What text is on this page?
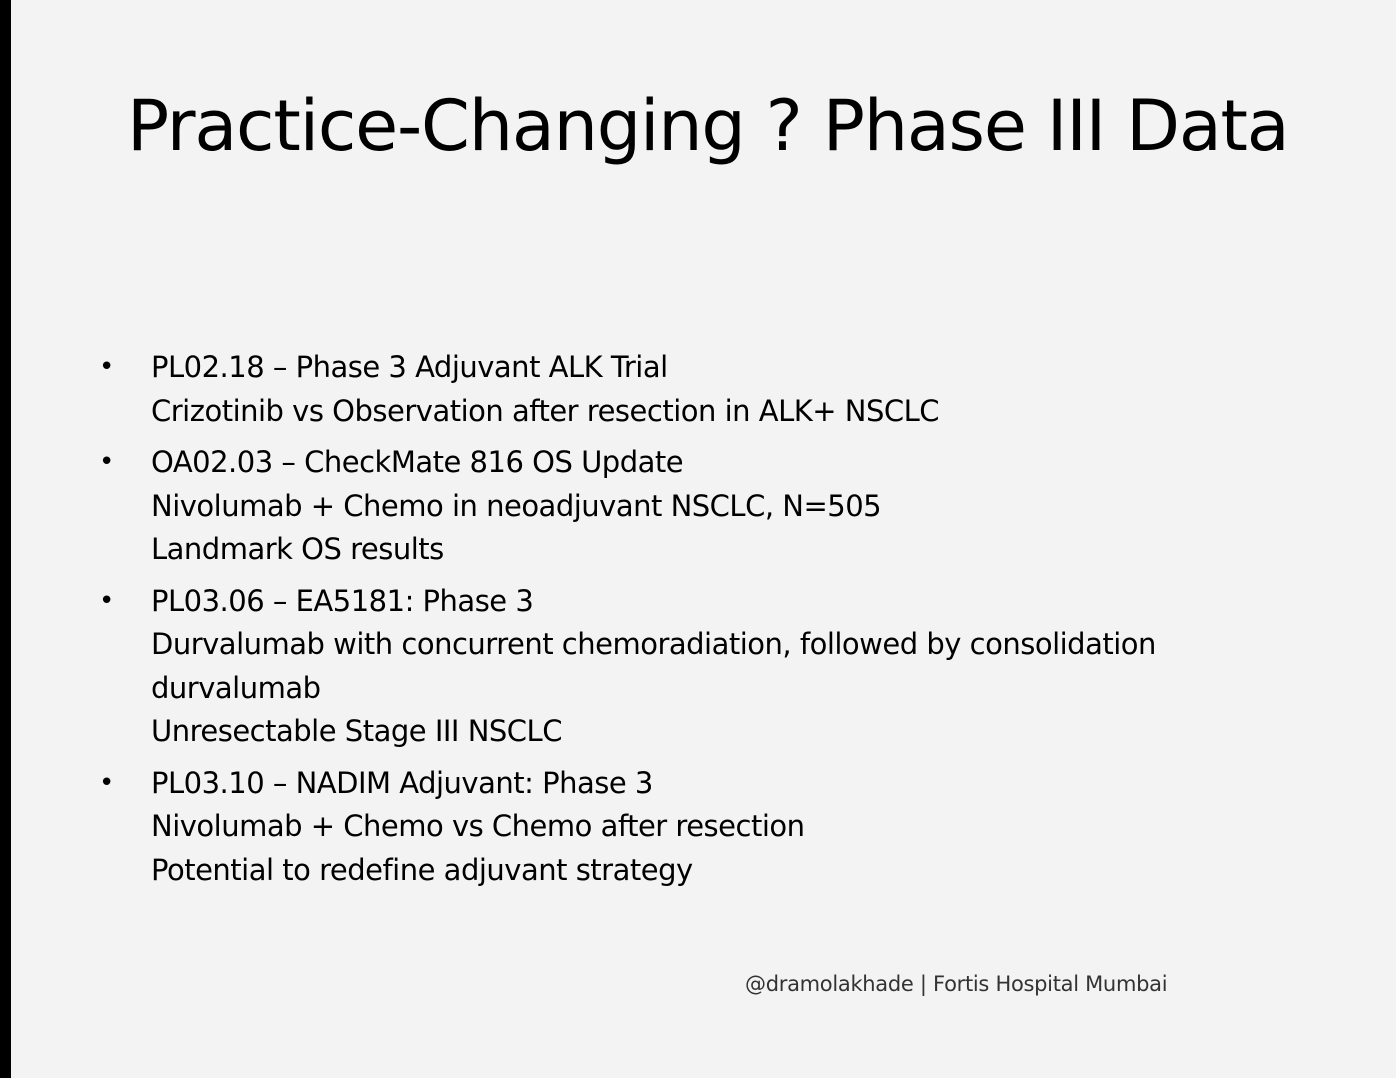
Practice-Changing ? Phase III Data
• PL02.18 – Phase 3 Adjuvant ALK Trial
Crizotinib vs Observation after resection in ALK+ NSCLC
• OA02.03 – CheckMate 816 OS Update
Nivolumab + Chemo in neoadjuvant NSCLC, N=505
Landmark OS results
• PL03.06 – EA5181: Phase 3
Durvalumab with concurrent chemoradiation, followed by consolidation
durvalumab
Unresectable Stage III NSCLC
• PL03.10 – NADIM Adjuvant: Phase 3
Nivolumab + Chemo vs Chemo after resection
Potential to redefine adjuvant strategy
@dramolakhade | Fortis Hospital Mumbai
